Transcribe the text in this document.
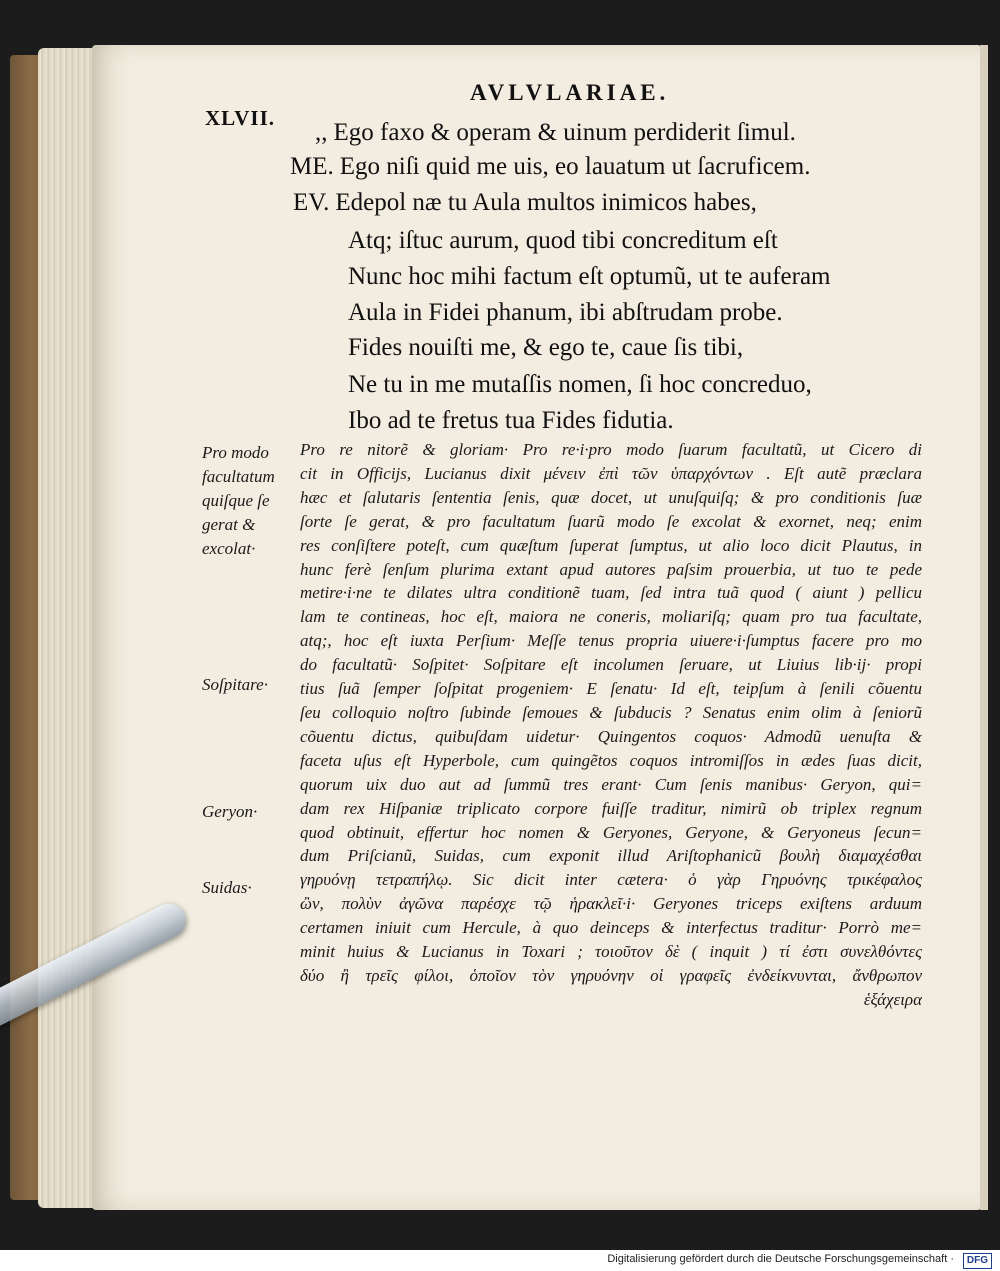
AVLVLARIAE.
XLVII.
,, Ego faxo & operam & uinum perdiderit ſimul.
ME. Ego niſi quid me uis, eo lauatum ut ſacruficem.
EV. Edepol næ tu Aula multos inimicos habes,
Atq; iſtuc aurum, quod tibi concreditum eſt
Nunc hoc mihi factum eſt optumũ, ut te auferam
Aula in Fidei phanum, ibi abſtrudam probe.
Fides nouiſti me, & ego te, caue ſis tibi,
Ne tu in me mutaſſis nomen, ſi hoc concreduo,
Ibo ad te fretus tua Fides fidutia.
Pro re nitorẽ & gloriam· Pro re·i·pro modo ſuarum facultatũ, ut Cicero di
cit in Officijs, Lucianus dixit μένειν ἐπὶ τῶν ὑπαρχόντων . Eſt autẽ præclara
hæc et ſalutaris ſententia ſenis, quæ docet, ut unuſquiſq; & pro conditionis ſuæ
ſorte ſe gerat, & pro facultatum ſuarũ modo ſe excolat & exornet, neq; enim
res conſiſtere poteſt, cum quæſtum ſuperat ſumptus, ut alio loco dicit Plautus, in
hunc ferè ſenſum plurima extant apud autores paſsim prouerbia, ut tuo te pede
metire·i·ne te dilates ultra conditionẽ tuam, ſed intra tuã quod ( aiunt ) pellicu
lam te contineas, hoc eſt, maiora ne coneris, moliariſq; quam pro tua facultate,
atq;, hoc eſt iuxta Perſium· Meſſe tenus propria uiuere·i·ſumptus facere pro mo
do facultatũ· Soſpitet· Soſpitare eſt incolumen ſeruare, ut Liuius lib·ij· propi
tius ſuã ſemper ſoſpitat progeniem· E ſenatu· Id eſt, teipſum à ſenili cõuentu
ſeu colloquio noſtro ſubinde ſemoues & ſubducis ? Senatus enim olim à ſeniorũ
cõuentu dictus, quibuſdam uidetur· Quingentos coquos· Admodũ uenuſta &
faceta uſus eſt Hyperbole, cum quingẽtos coquos intromiſſos in ædes ſuas dicit,
quorum uix duo aut ad ſummũ tres erant· Cum ſenis manibus· Geryon, qui=
dam rex Hiſpaniæ triplicato corpore fuiſſe traditur, nimirũ ob triplex regnum
quod obtinuit, effertur hoc nomen & Geryones, Geryone, & Geryoneus ſecun=
dum Priſcianũ, Suidas, cum exponit illud Ariſtophanicũ βουλὴ διαμαχέσθαι
γηρυόνῃ τετραπήλῳ. Sic dicit inter cætera· ὁ γὰρ Γηρυόνης τρικέφαλος
ὢν, πολὺν ἀγῶνα παρέσχε τῷ ἡρακλεῖ·i· Geryones triceps exiſtens arduum
certamen iniuit cum Hercule, à quo deinceps & interfectus traditur· Porrò me=
minit huius & Lucianus in Toxari ; τοιοῦτον δὲ ( inquit ) τί ἐστι συνελθόντες
δύο ἢ τρεῖς φίλοι, ὁποῖον τὸν γηρυόνην οἱ γραφεῖς ἐνδείκνυνται, ἄνθρωπον
ἑξάχειρα
Pro modo
facultatum
quiſque ſe
gerat &
excolat·
Soſpitare·
Geryon·
Suidas·
Digitalisierung gefördert durch die Deutsche Forschungsgemeinschaft ·	DFG
